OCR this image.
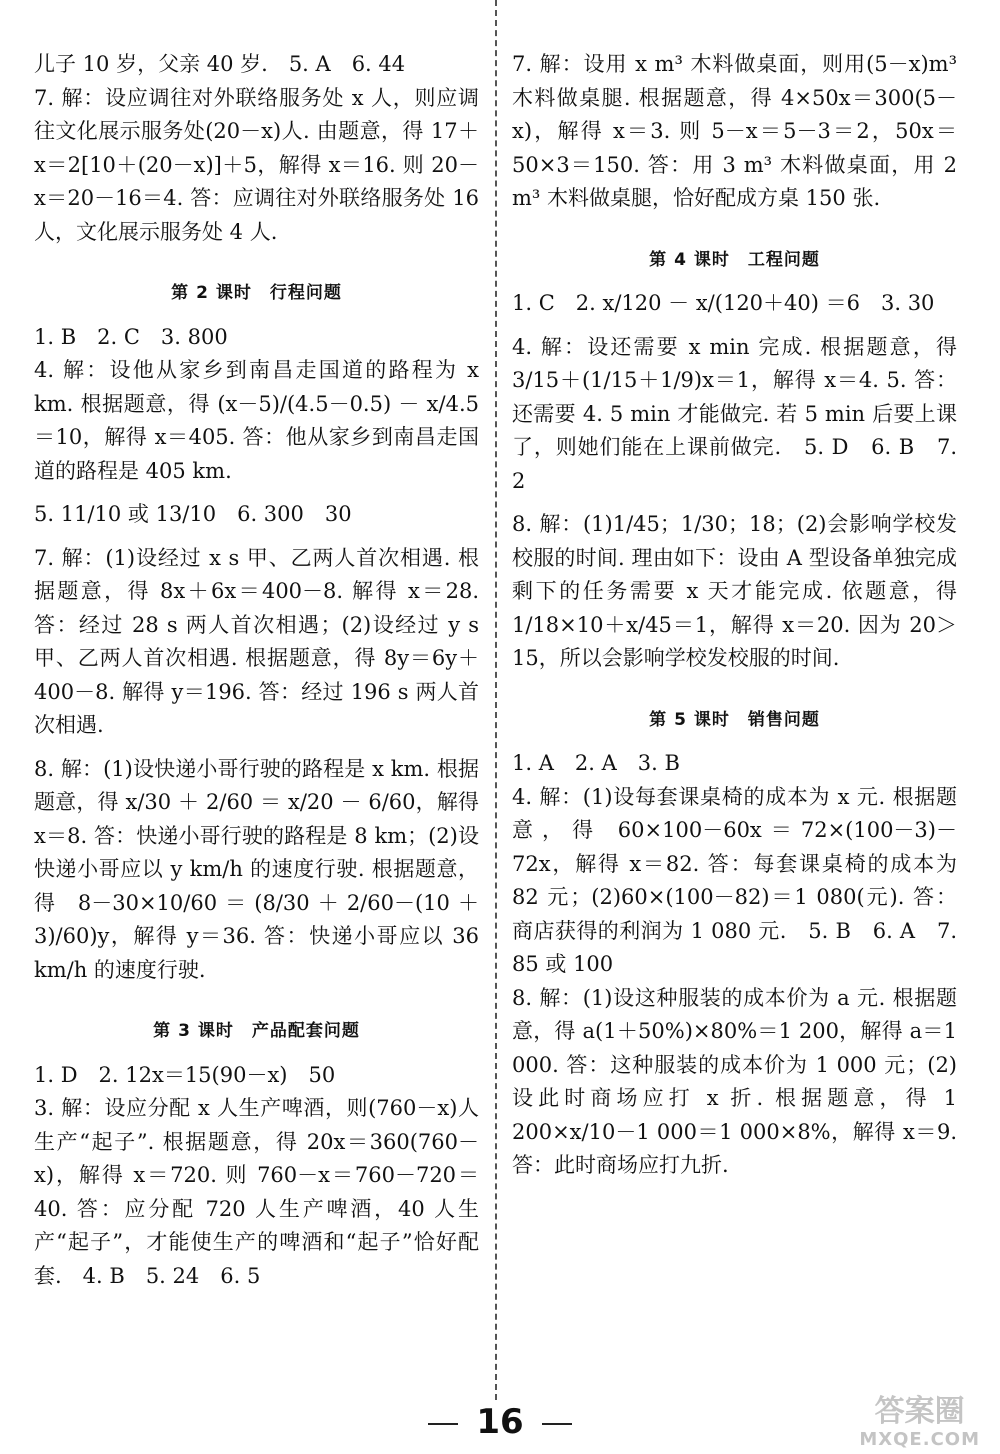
儿子 10 岁，父亲 40 岁.　5. A　6. 44

7. 解：设应调往对外联络服务处 x 人，则应调往文化展示服务处(20－x)人. 由题意，得 17＋x＝2[10＋(20－x)]＋5，解得 x＝16. 则 20－x＝20－16＝4. 答：应调往对外联络服务处 16 人，文化展示服务处 4 人.

第 2 课时　行程问题

1. B　2. C　3. 800

4. 解：设他从家乡到南昌走国道的路程为 x km. 根据题意，得 (x－5)/(4.5－0.5) － x/4.5 ＝10，解得 x＝405. 答：他从家乡到南昌走国道的路程是 405 km.

5. 11/10 或 13/10　6. 300　30

7. 解：(1)设经过 x s 甲、乙两人首次相遇. 根据题意，得 8x＋6x＝400－8. 解得 x＝28. 答：经过 28 s 两人首次相遇；(2)设经过 y s 甲、乙两人首次相遇. 根据题意，得 8y＝6y＋400－8. 解得 y＝196. 答：经过 196 s 两人首次相遇.

8. 解：(1)设快递小哥行驶的路程是 x km. 根据题意，得 x/30 ＋ 2/60 ＝ x/20 － 6/60，解得 x＝8. 答：快递小哥行驶的路程是 8 km；(2)设快递小哥应以 y km/h 的速度行驶. 根据题意，得 8－30×10/60＝(8/30＋2/60－(10＋3)/60)y，解得 y＝36. 答：快递小哥应以 36 km/h 的速度行驶.

第 3 课时　产品配套问题

1. D　2. 12x＝15(90－x)　50

3. 解：设应分配 x 人生产啤酒，则(760－x)人生产“起子”. 根据题意，得 20x＝360(760－x)，解得 x＝720. 则 760－x＝760－720＝40. 答：应分配 720 人生产啤酒，40 人生产“起子”，才能使生产的啤酒和“起子”恰好配套.　4. B　5. 24　6. 5

7. 解：设用 x m³ 木料做桌面，则用(5－x)m³ 木料做桌腿. 根据题意，得 4×50x＝300(5－x)，解得 x＝3. 则 5－x＝5－3＝2，50x＝50×3＝150. 答：用 3 m³ 木料做桌面，用 2 m³ 木料做桌腿，恰好配成方桌 150 张.

第 4 课时　工程问题

1. C　2. x/120 － x/(120＋40) ＝6　3. 30

4. 解：设还需要 x min 完成. 根据题意，得 3/15＋(1/15＋1/9)x＝1，解得 x＝4. 5. 答：还需要 4. 5 min 才能做完. 若 5 min 后要上课了，则她们能在上课前做完.　5. D　6. B　7. 2

8. 解：(1)1/45；1/30；18；(2)会影响学校发校服的时间. 理由如下：设由 A 型设备单独完成剩下的任务需要 x 天才能完成. 依题意，得 1/18×10＋x/45＝1，解得 x＝20. 因为 20＞15，所以会影响学校发校服的时间.

第 5 课时　销售问题

1. A　2. A　3. B

4. 解：(1)设每套课桌椅的成本为 x 元. 根据题意，得 60×100－60x＝72×(100－3)－72x，解得 x＝82. 答：每套课桌椅的成本为 82 元；(2)60×(100－82)＝1 080(元). 答：商店获得的利润为 1 080 元.　5. B　6. A　7. 85 或 100

8. 解：(1)设这种服装的成本价为 a 元. 根据题意，得 a(1＋50%)×80%＝1 200，解得 a＝1 000. 答：这种服装的成本价为 1 000 元；(2)设此时商场应打 x 折. 根据题意，得 1 200×x/10－1 000＝1 000×8%，解得 x＝9. 答：此时商场应打九折.

16	答案圈
MXQE.COM
